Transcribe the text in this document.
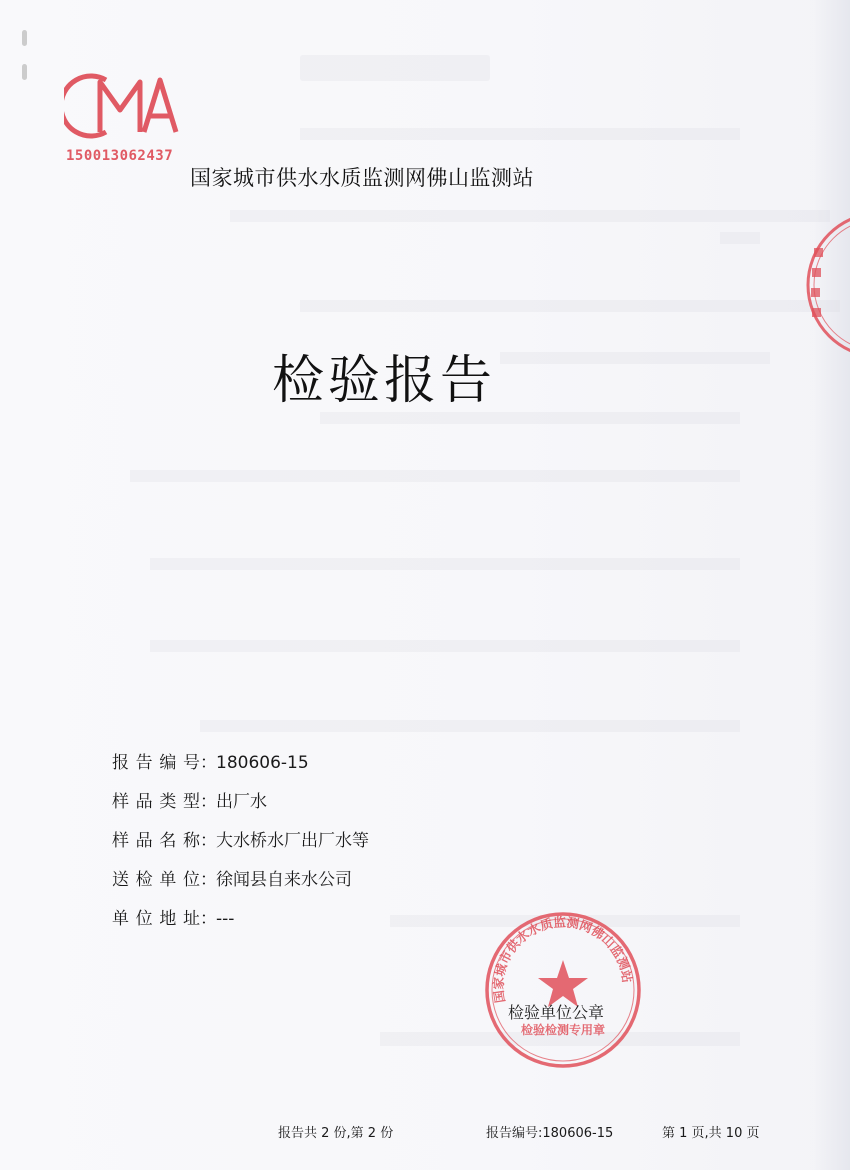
150013062437
国家城市供水水质监测网佛山监测站
检验报告
报告编号 ： 180606-15
样品类型 ： 出厂水
样品名称 ： 大水桥水厂出厂水等
送检单位 ： 徐闻县自来水公司
单位地址 ： ---
国家城市供水水质监测网佛山监测站
检验检测专用章
检验单位公章
报告共 2 份,第 2 份	报告编号:180606-15	第 1 页,共 10 页
